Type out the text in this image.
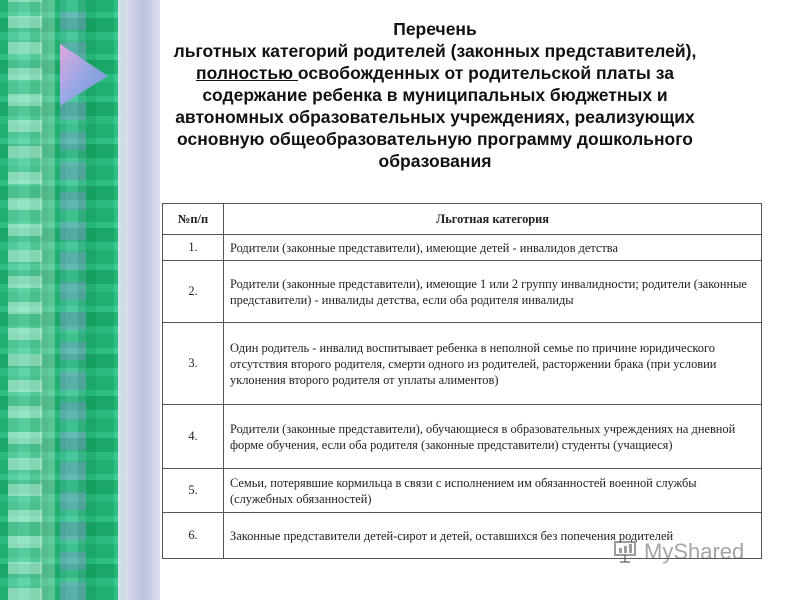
Перечень
льготных категорий родителей (законных представителей),
полностью освобожденных от родительской платы за
содержание ребенка в муниципальных бюджетных и
автономных образовательных учреждениях, реализующих
основную общеобразовательную программу дошкольного
образования
№п/п	Льготная категория
1.	Родители (законные представители), имеющие детей - инвалидов детства
2.	Родители (законные представители), имеющие 1 или 2 группу инвалидности; родители (законные представители) - инвалиды детства, если оба родителя инвалиды
3.	Один родитель - инвалид воспитывает ребенка в неполной семье по причине юридического отсутствия второго родителя, смерти одного из родителей, расторжении брака (при условии уклонения второго родителя от уплаты алиментов)
4.	Родители (законные представители), обучающиеся в образовательных учреждениях на дневной форме обучения, если оба родителя (законные представители) студенты (учащиеся)
5.	Семьи, потерявшие кормильца в связи с исполнением им обязанностей военной службы (служебных обязанностей)
6.	Законные представители детей-сирот и детей, оставшихся без попечения родителей
MyShared
